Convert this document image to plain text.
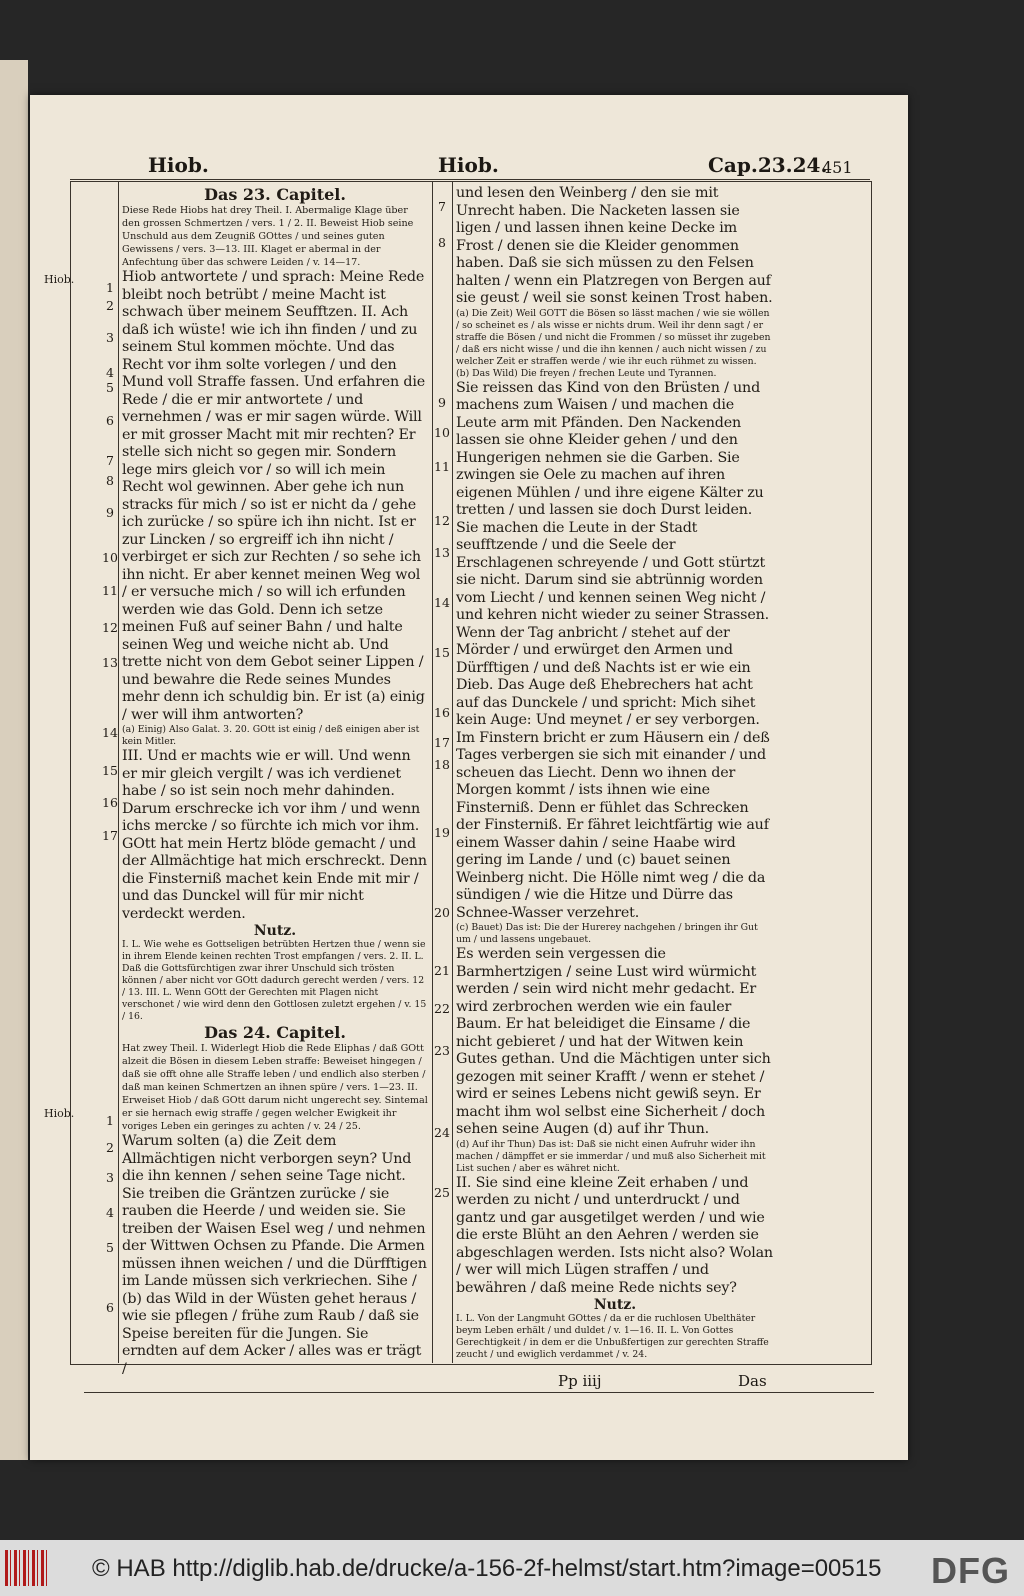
Hiob.	Hiob.	Cap.23.24.
451
Hiob.
Hiob.
1
2
3
4
5
6
7
8
9
10
11
12
13
14
15
16
17
1
2
3
4
5
6
7
8
9
10
11
12
13
14
15
16
17
18
19
20
21
22
23
24
25

Das 23. Capitel.

Diese Rede Hiobs hat drey Theil. I. Abermalige Klage über den grossen Schmertzen / vers. 1 / 2. II. Beweist Hiob seine Unschuld aus dem Zeugniß GOttes / und seines guten Gewissens / vers. 3—13. III. Klaget er abermal in der Anfechtung über das schwere Leiden / v. 14—17.

Hiob antwortete / und sprach: Meine Rede bleibt noch betrübt / meine Macht ist schwach über meinem Seufftzen. II. Ach daß ich wüste! wie ich ihn finden / und zu seinem Stul kommen möchte. Und das Recht vor ihm solte vorlegen / und den Mund voll Straffe fassen. Und erfahren die Rede / die er mir antwortete / und vernehmen / was er mir sagen würde. Will er mit grosser Macht mit mir rechten? Er stelle sich nicht so gegen mir. Sondern lege mirs gleich vor / so will ich mein Recht wol gewinnen. Aber gehe ich nun stracks für mich / so ist er nicht da / gehe ich zurücke / so spüre ich ihn nicht. Ist er zur Lincken / so ergreiff ich ihn nicht / verbirget er sich zur Rechten / so sehe ich ihn nicht. Er aber kennet meinen Weg wol / er versuche mich / so will ich erfunden werden wie das Gold. Denn ich setze meinen Fuß auf seiner Bahn / und halte seinen Weg und weiche nicht ab. Und trette nicht von dem Gebot seiner Lippen / und bewahre die Rede seines Mundes mehr denn ich schuldig bin. Er ist (a) einig / wer will ihm antworten?

(a) Einig) Also Galat. 3. 20. GOtt ist einig / deß einigen aber ist kein Mitler.

III. Und er machts wie er will. Und wenn er mir gleich vergilt / was ich verdienet habe / so ist sein noch mehr dahinden. Darum erschrecke ich vor ihm / und wenn ichs mercke / so fürchte ich mich vor ihm. GOtt hat mein Hertz blöde gemacht / und der Allmächtige hat mich erschreckt. Denn die Finsterniß machet kein Ende mit mir / und das Dunckel will für mir nicht verdeckt werden.

Nutz.

I. L. Wie wehe es Gottseligen betrübten Hertzen thue / wenn sie in ihrem Elende keinen rechten Trost empfangen / vers. 2. II. L. Daß die Gottsfürchtigen zwar ihrer Unschuld sich trösten können / aber nicht vor GOtt dadurch gerecht werden / vers. 12 / 13. III. L. Wenn GOtt der Gerechten mit Plagen nicht verschonet / wie wird denn den Gottlosen zuletzt ergehen / v. 15 / 16.

Das 24. Capitel.

Hat zwey Theil. I. Widerlegt Hiob die Rede Eliphas / daß GOtt alzeit die Bösen in diesem Leben straffe: Beweiset hingegen / daß sie offt ohne alle Straffe leben / und endlich also sterben / daß man keinen Schmertzen an ihnen spüre / vers. 1—23. II. Erweiset Hiob / daß GOtt darum nicht ungerecht sey. Sintemal er sie hernach ewig straffe / gegen welcher Ewigkeit ihr voriges Leben ein geringes zu achten / v. 24 / 25.

Warum solten (a) die Zeit dem Allmächtigen nicht verborgen seyn? Und die ihn kennen / sehen seine Tage nicht. Sie treiben die Gräntzen zurücke / sie rauben die Heerde / und weiden sie. Sie treiben der Waisen Esel weg / und nehmen der Wittwen Ochsen zu Pfande. Die Armen müssen ihnen weichen / und die Dürfftigen im Lande müssen sich verkriechen. Sihe / (b) das Wild in der Wüsten gehet heraus / wie sie pflegen / frühe zum Raub / daß sie Speise bereiten für die Jungen. Sie erndten auf dem Acker / alles was er trägt /

und lesen den Weinberg / den sie mit Unrecht haben. Die Nacketen lassen sie ligen / und lassen ihnen keine Decke im Frost / denen sie die Kleider genommen haben. Daß sie sich müssen zu den Felsen halten / wenn ein Platzregen von Bergen auf sie geust / weil sie sonst keinen Trost haben.

(a) Die Zeit) Weil GOTT die Bösen so lässt machen / wie sie wöllen / so scheinet es / als wisse er nichts drum. Weil ihr denn sagt / er straffe die Bösen / und nicht die Frommen / so müsset ihr zugeben / daß ers nicht wisse / und die ihn kennen / auch nicht wissen / zu welcher Zeit er straffen werde / wie ihr euch rühmet zu wissen.

(b) Das Wild) Die freyen / frechen Leute und Tyrannen.

Sie reissen das Kind von den Brüsten / und machens zum Waisen / und machen die Leute arm mit Pfänden. Den Nackenden lassen sie ohne Kleider gehen / und den Hungerigen nehmen sie die Garben. Sie zwingen sie Oele zu machen auf ihren eigenen Mühlen / und ihre eigene Kälter zu tretten / und lassen sie doch Durst leiden. Sie machen die Leute in der Stadt seufftzende / und die Seele der Erschlagenen schreyende / und Gott stürtzt sie nicht. Darum sind sie abtrünnig worden vom Liecht / und kennen seinen Weg nicht / und kehren nicht wieder zu seiner Strassen. Wenn der Tag anbricht / stehet auf der Mörder / und erwürget den Armen und Dürfftigen / und deß Nachts ist er wie ein Dieb. Das Auge deß Ehebrechers hat acht auf das Dunckele / und spricht: Mich sihet kein Auge: Und meynet / er sey verborgen. Im Finstern bricht er zum Häusern ein / deß Tages verbergen sie sich mit einander / und scheuen das Liecht. Denn wo ihnen der Morgen kommt / ists ihnen wie eine Finsterniß. Denn er fühlet das Schrecken der Finsterniß. Er fähret leichtfärtig wie auf einem Wasser dahin / seine Haabe wird gering im Lande / und (c) bauet seinen Weinberg nicht. Die Hölle nimt weg / die da sündigen / wie die Hitze und Dürre das Schnee-Wasser verzehret.

(c) Bauet) Das ist: Die der Hurerey nachgehen / bringen ihr Gut um / und lassens ungebauet.

Es werden sein vergessen die Barmhertzigen / seine Lust wird würmicht werden / sein wird nicht mehr gedacht. Er wird zerbrochen werden wie ein fauler Baum. Er hat beleidiget die Einsame / die nicht gebieret / und hat der Witwen kein Gutes gethan. Und die Mächtigen unter sich gezogen mit seiner Krafft / wenn er stehet / wird er seines Lebens nicht gewiß seyn. Er macht ihm wol selbst eine Sicherheit / doch sehen seine Augen (d) auf ihr Thun.

(d) Auf ihr Thun) Das ist: Daß sie nicht einen Aufruhr wider ihn machen / dämpffet er sie immerdar / und muß also Sicherheit mit List suchen / aber es währet nicht.

II. Sie sind eine kleine Zeit erhaben / und werden zu nicht / und unterdruckt / und gantz und gar ausgetilget werden / und wie die erste Blüht an den Aehren / werden sie abgeschlagen werden. Ists nicht also? Wolan / wer will mich Lügen straffen / und bewähren / daß meine Rede nichts sey?

Nutz.

I. L. Von der Langmuht GOttes / da er die ruchlosen Ubelthäter beym Leben erhält / und duldet / v. 1—16. II. L. Von Gottes Gerechtigkeit / in dem er die Unbußfertigen zur gerechten Straffe zeucht / und ewiglich verdammet / v. 24.

Pp iiij	Das
© HAB http://diglib.hab.de/drucke/a-156-2f-helmst/start.htm?image=00515 DFG
